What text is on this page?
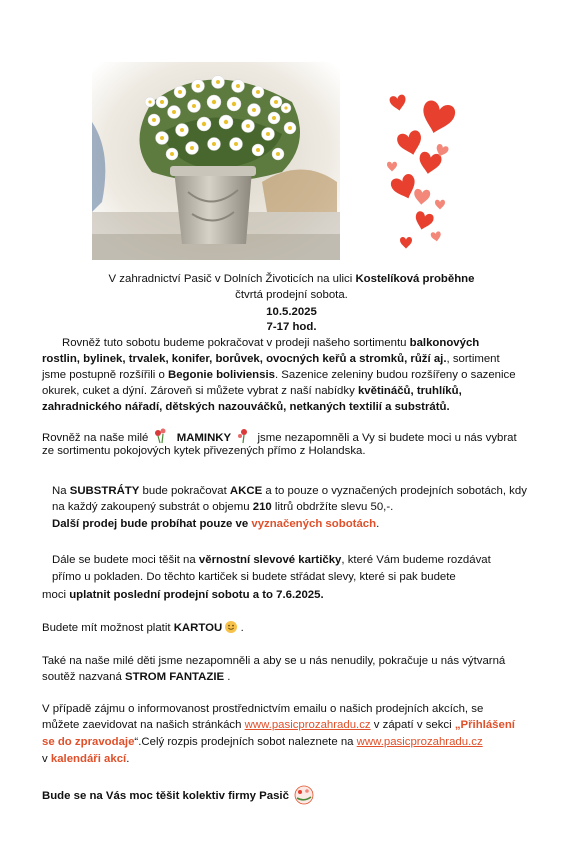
V zahradnictví Pasič v Dolních Životicích na ulici Kostelíková proběhne
čtvrtá prodejní sobota.
10.5.2025
7-17 hod.
Rovněž tuto sobotu budeme pokračovat v prodeji našeho sortimentu balkonových
rostlin, bylinek, trvalek, konifer, borůvek, ovocných keřů a stromků, růží aj., sortiment
jsme postupně rozšířili o Begonie boliviensis. Sazenice zeleniny budou rozšířeny o sazenice
okurek, cuket a dýní. Zároveň si můžete vybrat z naší nabídky květináčů, truhlíků,
zahradnického nářadí, dětských nazouváčků, netkaných textilií a substrátů.
Rovněž na naše milé  MAMINKY  jsme nezapomněli a Vy si budete moci u nás vybrat
ze sortimentu pokojových kytek přivezených přímo z Holandska.
Na SUBSTRÁTY bude pokračovat AKCE a to pouze o vyznačených prodejních sobotách, kdy
na každý zakoupený substrát o objemu 210 litrů obdržíte slevu 50,-.
Další prodej bude probíhat pouze ve vyznačených sobotách.
Dále se budete moci těšit na věrnostní slevové kartičky, které Vám budeme rozdávat
přímo u pokladen. Do těchto kartiček si budete střádat slevy, které si pak budete
moci uplatnit poslední prodejní sobotu a to 7.6.2025.
Budete mít možnost platit KARTOU  .
Také na naše milé děti jsme nezapomněli a aby se u nás nenudily, pokračuje u nás výtvarná
soutěž nazvaná STROM FANTAZIE .
V případě zájmu o informovanost prostřednictvím emailu o našich prodejních akcích, se
můžete zaevidovat na našich stránkách www.pasicprozahradu.cz v zápatí v sekci „Přihlášení
se do zpravodaje“.Celý rozpis prodejních sobot naleznete na www.pasicprozahradu.cz
v kalendáři akcí.
Bude se na Vás moc těšit kolektiv firmy Pasič
